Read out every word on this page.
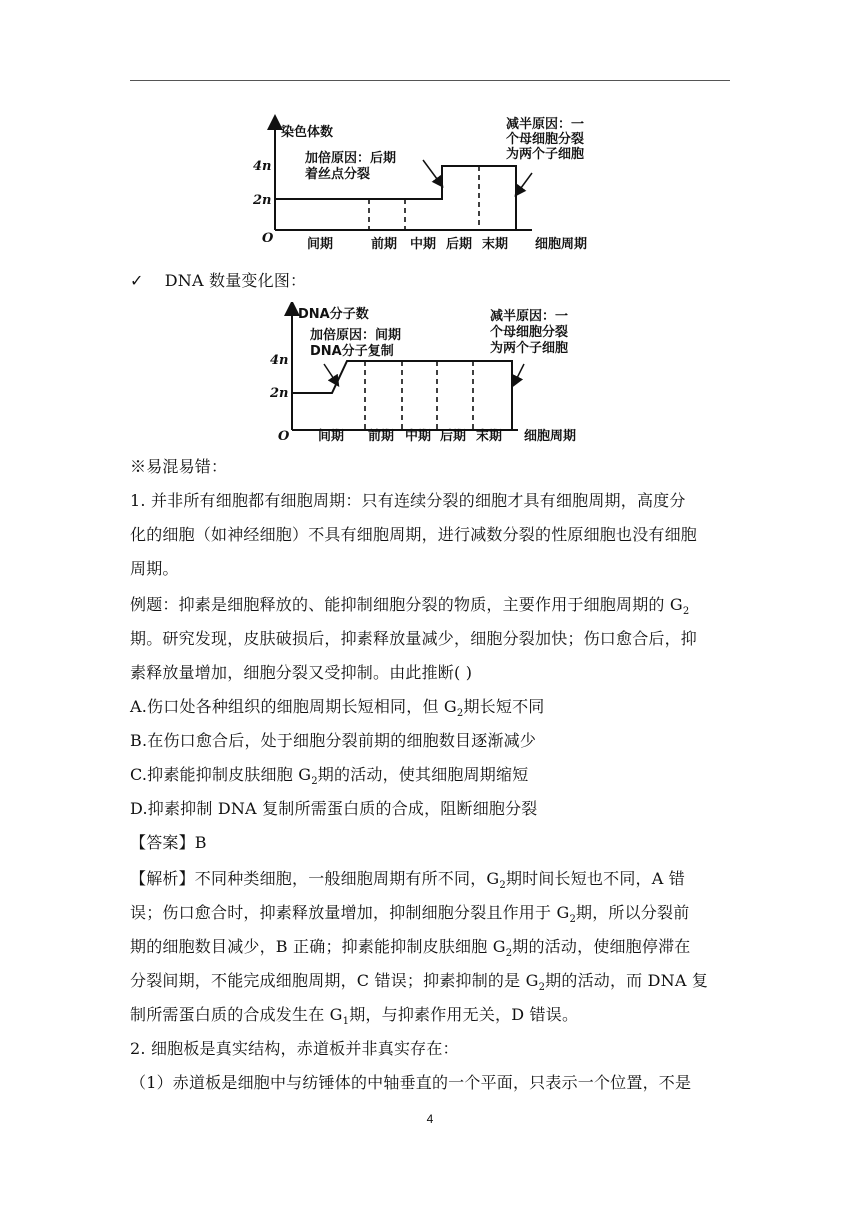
染色体数
4n
2n
O
加倍原因：后期
着丝点分裂
减半原因：一
个母细胞分裂
为两个子细胞
间期	前期 中期 后期 末期 细胞周期
✓ DNA 数量变化图：
DNA分子数
4n
2n
O
加倍原因：间期
DNA分子复制
减半原因：一
个母细胞分裂
为两个子细胞
间期 前期 中期 后期 末期 细胞周期
※易混易错：
1. 并非所有细胞都有细胞周期：只有连续分裂的细胞才具有细胞周期，高度分
化的细胞（如神经细胞）不具有细胞周期，进行减数分裂的性原细胞也没有细胞
周期。
例题：抑素是细胞释放的、能抑制细胞分裂的物质，主要作用于细胞周期的 $G_2$
期。研究发现，皮肤破损后，抑素释放量减少，细胞分裂加快；伤口愈合后，抑
素释放量增加，细胞分裂又受抑制。由此推断( )
A.伤口处各种组织的细胞周期长短相同，但 $G_2$期长短不同
B.在伤口愈合后，处于细胞分裂前期的细胞数目逐渐减少
C.抑素能抑制皮肤细胞 $G_2$期的活动，使其细胞周期缩短
D.抑素抑制 DNA 复制所需蛋白质的合成，阻断细胞分裂
【答案】B
【解析】不同种类细胞，一般细胞周期有所不同，$G_2$期时间长短也不同，A 错
误；伤口愈合时，抑素释放量增加，抑制细胞分裂且作用于 $G_2$期，所以分裂前
期的细胞数目减少，B 正确；抑素能抑制皮肤细胞 $G_2$期的活动，使细胞停滞在
分裂间期，不能完成细胞周期，C 错误；抑素抑制的是 $G_2$期的活动，而 DNA 复
制所需蛋白质的合成发生在 $G_1$期，与抑素作用无关，D 错误。
2. 细胞板是真实结构，赤道板并非真实存在：
（1）赤道板是细胞中与纺锤体的中轴垂直的一个平面，只表示一个位置，不是
4
